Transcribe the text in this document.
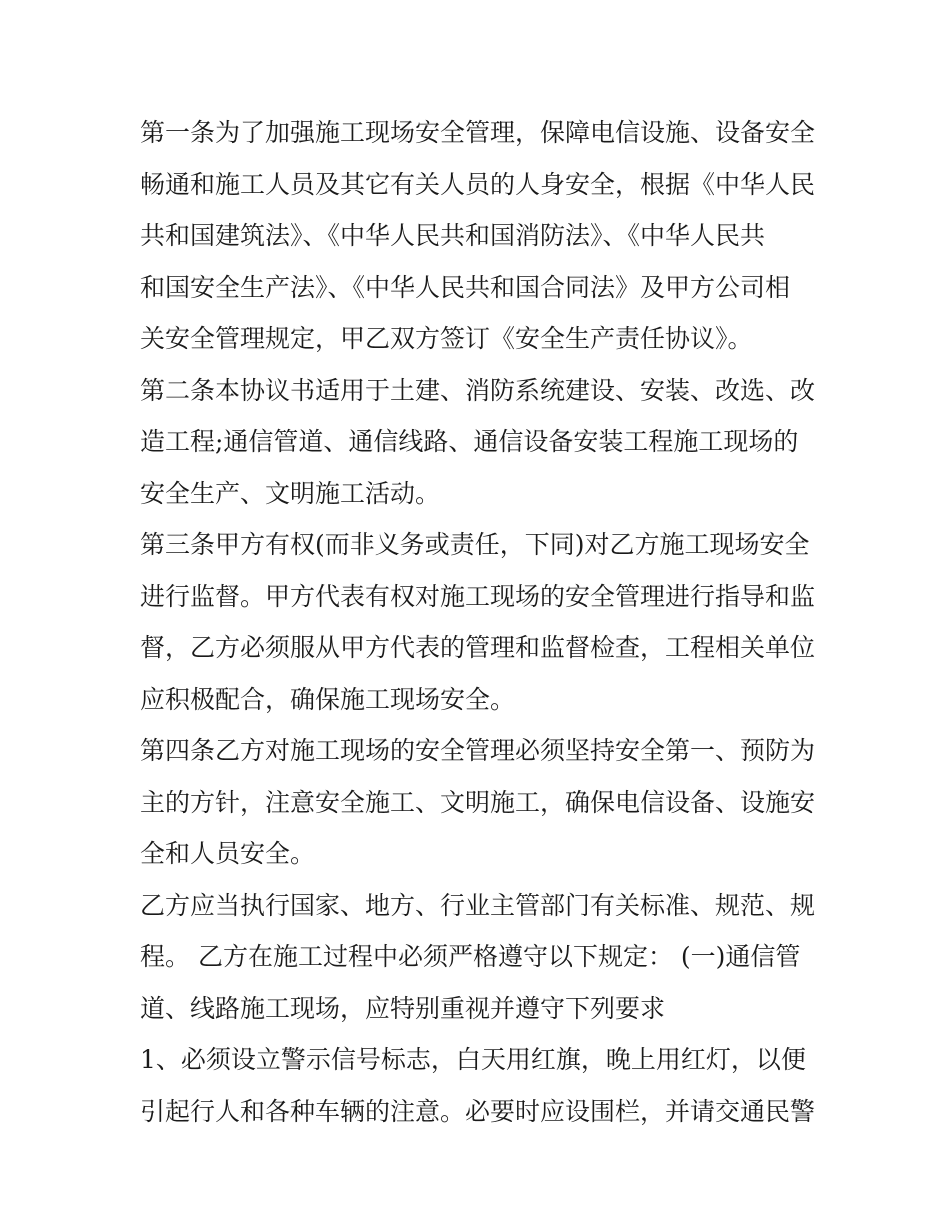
第一条为了加强施工现场安全管理，保障电信设施、设备安全
畅通和施工人员及其它有关人员的人身安全，根据《中华人民
共和国建筑法》、《中华人民共和国消防法》、《中华人民共
和国安全生产法》、《中华人民共和国合同法》及甲方公司相
关安全管理规定，甲乙双方签订《安全生产责任协议》。
第二条本协议书适用于土建、消防系统建设、安装、改选、改
造工程;通信管道、通信线路、通信设备安装工程施工现场的
安全生产、文明施工活动。
第三条甲方有权(而非义务或责任，下同)对乙方施工现场安全
进行监督。甲方代表有权对施工现场的安全管理进行指导和监
督，乙方必须服从甲方代表的管理和监督检查，工程相关单位
应积极配合，确保施工现场安全。
第四条乙方对施工现场的安全管理必须坚持安全第一、预防为
主的方针，注意安全施工、文明施工，确保电信设备、设施安
全和人员安全。
乙方应当执行国家、地方、行业主管部门有关标准、规范、规
程。 乙方在施工过程中必须严格遵守以下规定： (一)通信管
道、线路施工现场，应特别重视并遵守下列要求
1、必须设立警示信号标志，白天用红旗，晚上用红灯，以便
引起行人和各种车辆的注意。必要时应设围栏，并请交通民警
